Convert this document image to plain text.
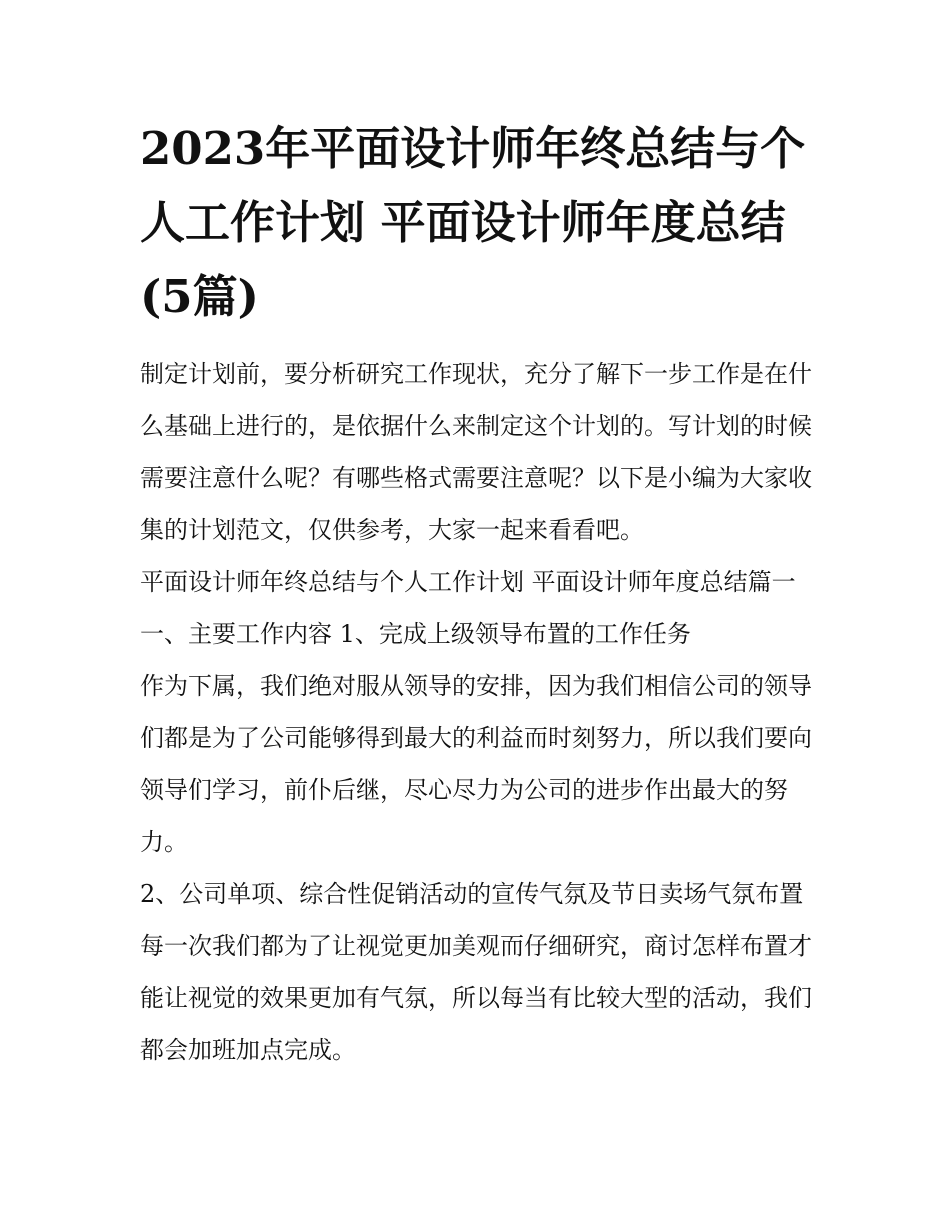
2023年平面设计师年终总结与个人工作计划 平面设计师年度总结(5篇)

制定计划前，要分析研究工作现状，充分了解下一步工作是在什么基础上进行的，是依据什么来制定这个计划的。写计划的时候需要注意什么呢？有哪些格式需要注意呢？以下是小编为大家收集的计划范文，仅供参考，大家一起来看看吧。

平面设计师年终总结与个人工作计划 平面设计师年度总结篇一一、主要工作内容 1、完成上级领导布置的工作任务

作为下属，我们绝对服从领导的安排，因为我们相信公司的领导们都是为了公司能够得到最大的利益而时刻努力，所以我们要向领导们学习，前仆后继，尽心尽力为公司的进步作出最大的努力。

2、公司单项、综合性促销活动的宣传气氛及节日卖场气氛布置

每一次我们都为了让视觉更加美观而仔细研究，商讨怎样布置才能让视觉的效果更加有气氛，所以每当有比较大型的活动，我们都会加班加点完成。
